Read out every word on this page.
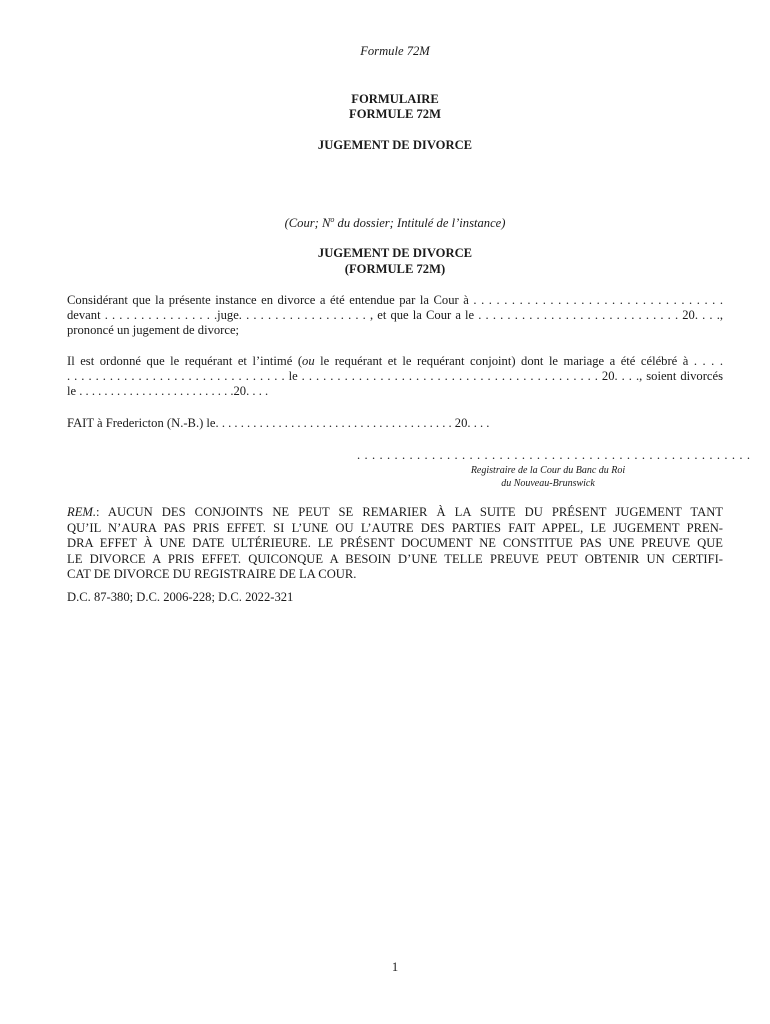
Formule 72M
FORMULAIRE
FORMULE 72M
JUGEMENT DE DIVORCE
(Cour; $N^o$ du dossier; Intitulé de l’instance)
JUGEMENT DE DIVORCE
(FORMULE 72M)
Considérant que la présente instance en divorce a été entendue par la Cour à . . . . . . . . . . . . . . . . . . . . . . . . . . . . . . . . .
devant . . . . . . . . . . . . . . . .juge. . . . . . . . . . . . . . . . . . , et que la Cour a le . . . . . . . . . . . . . . . . . . . . . . . . . . . . 20. . . .,
prononcé un jugement de divorce;
Il est ordonné que le requérant et l’intimé (ou le requérant et le requérant conjoint) dont le mariage a été célébré à . . . .
. . . . . . . . . . . . . . . . . . . . . . . . . . . . . . . le . . . . . . . . . . . . . . . . . . . . . . . . . . . . . . . . . . . . . . . . . . 20. . . ., soient divorcés
le . . . . . . . . . . . . . . . . . . . . . . . . .20. . . .
FAIT à Fredericton (N.-B.) le. . . . . . . . . . . . . . . . . . . . . . . . . . . . . . . . . . . . . . 20. . . .
. . . . . . . . . . . . . . . . . . . . . . . . . . . . . . . . . . . . . . . . . . . . . . . . . . . . .
Registraire de la Cour du Banc du Roi
du Nouveau-Brunswick
REM.: AUCUN DES CONJOINTS NE PEUT SE REMARIER À LA SUITE DU PRÉSENT JUGEMENT TANT
QU’IL N’AURA PAS PRIS EFFET. SI L’UNE OU L’AUTRE DES PARTIES FAIT APPEL, LE JUGEMENT PREN-
DRA EFFET À UNE DATE ULTÉRIEURE. LE PRÉSENT DOCUMENT NE CONSTITUE PAS UNE PREUVE QUE
LE DIVORCE A PRIS EFFET. QUICONQUE A BESOIN D’UNE TELLE PREUVE PEUT OBTENIR UN CERTIFI-
CAT DE DIVORCE DU REGISTRAIRE DE LA COUR.
D.C. 87-380; D.C. 2006-228; D.C. 2022-321
1
